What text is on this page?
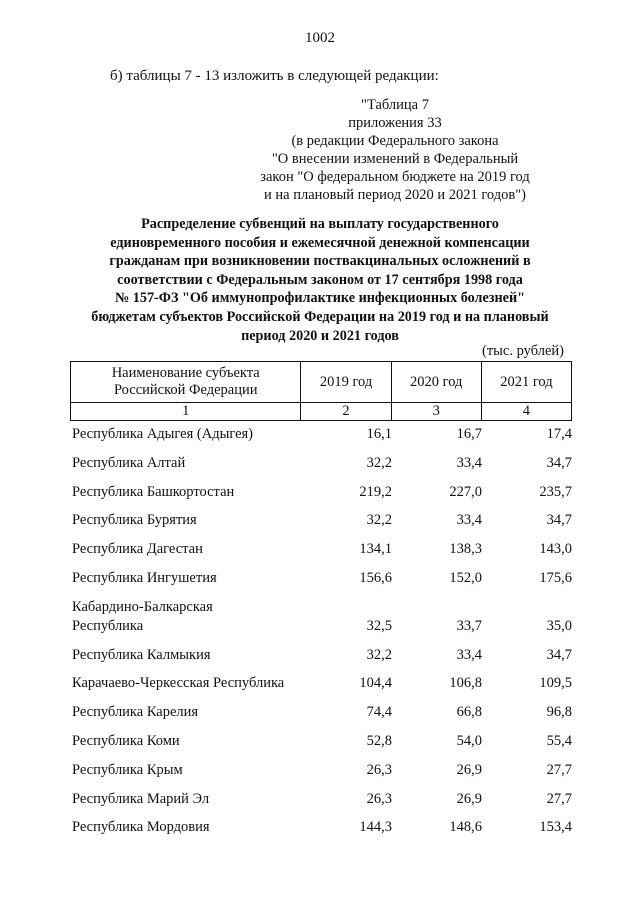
1002
б) таблицы 7 - 13 изложить в следующей редакции:
"Таблица 7
приложения 33
(в редакции Федерального закона
"О внесении изменений в Федеральный
закон "О федеральном бюджете на 2019 год
и на плановый период 2020 и 2021 годов")
Распределение субвенций на выплату государственного
единовременного пособия и ежемесячной денежной компенсации
гражданам при возникновении поствакцинальных осложнений в
соответствии с Федеральным законом от 17 сентября 1998 года
№ 157-ФЗ "Об иммунопрофилактике инфекционных болезней"
бюджетам субъектов Российской Федерации на 2019 год и на плановый
период 2020 и 2021 годов
(тыс. рублей)
Наименование субъекта
Российской Федерации	2019 год	2020 год	2021 год
1	2	3	4
Республика Адыгея (Адыгея)	16,1	16,7	17,4
Республика Алтай	32,2	33,4	34,7
Республика Башкортостан	219,2	227,0	235,7
Республика Бурятия	32,2	33,4	34,7
Республика Дагестан	134,1	138,3	143,0
Республика Ингушетия	156,6	152,0	175,6
Кабардино-Балкарская
Республика	32,5	33,7	35,0
Республика Калмыкия	32,2	33,4	34,7
Карачаево-Черкесская Республика	104,4	106,8	109,5
Республика Карелия	74,4	66,8	96,8
Республика Коми	52,8	54,0	55,4
Республика Крым	26,3	26,9	27,7
Республика Марий Эл	26,3	26,9	27,7
Республика Мордовия	144,3	148,6	153,4
